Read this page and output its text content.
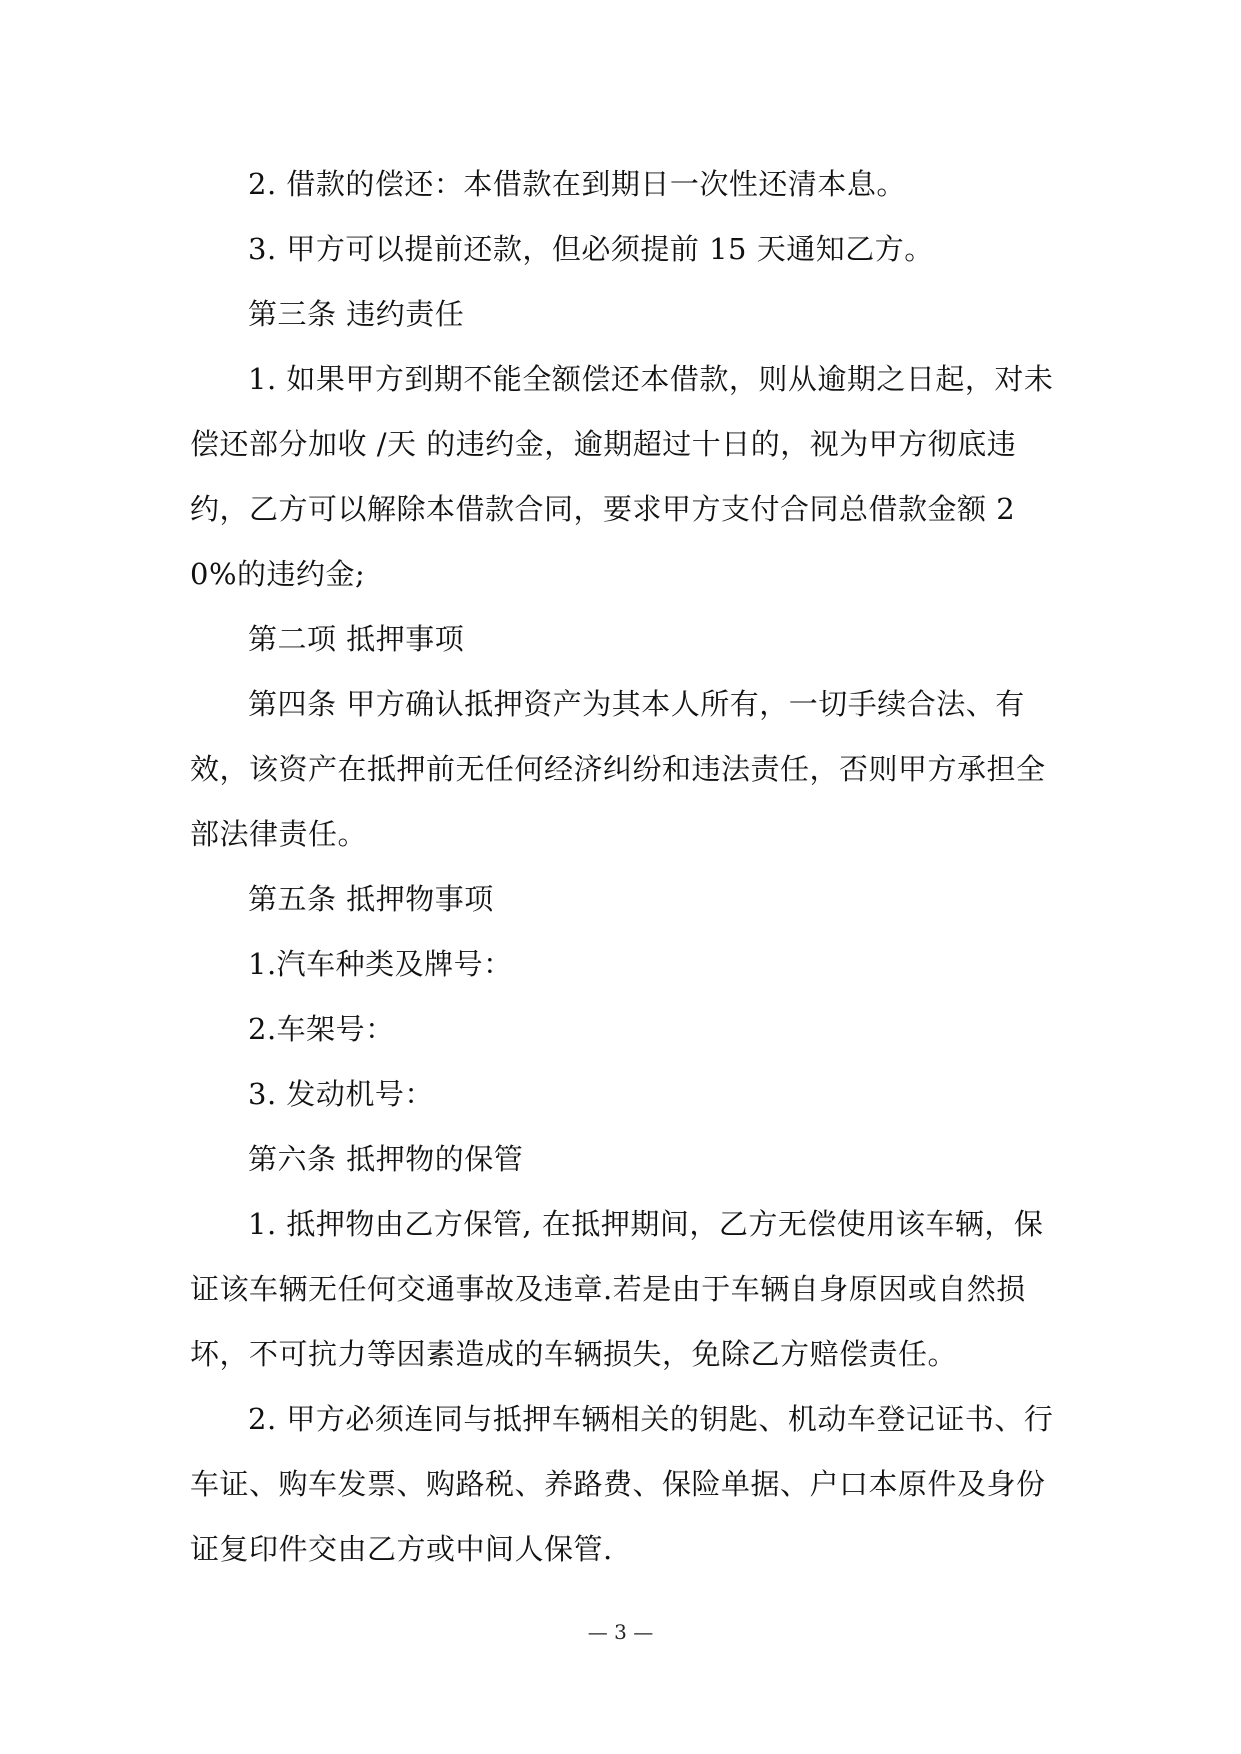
2. 借款的偿还：本借款在到期日一次性还清本息。

3. 甲方可以提前还款，但必须提前 15 天通知乙方。

第三条 违约责任

1. 如果甲方到期不能全额偿还本借款，则从逾期之日起，对未偿还部分加收 /天 的违约金，逾期超过十日的，视为甲方彻底违约，乙方可以解除本借款合同，要求甲方支付合同总借款金额 20%的违约金;

第二项 抵押事项

第四条 甲方确认抵押资产为其本人所有，一切手续合法、有效，该资产在抵押前无任何经济纠纷和违法责任，否则甲方承担全部法律责任。

第五条 抵押物事项

1.汽车种类及牌号：

2.车架号：

3. 发动机号：

第六条 抵押物的保管

1. 抵押物由乙方保管, 在抵押期间，乙方无偿使用该车辆，保证该车辆无任何交通事故及违章.若是由于车辆自身原因或自然损坏，不可抗力等因素造成的车辆损失，免除乙方赔偿责任。

2. 甲方必须连同与抵押车辆相关的钥匙、机动车登记证书、行车证、购车发票、购路税、养路费、保险单据、户口本原件及身份证复印件交由乙方或中间人保管.

— 3 —
